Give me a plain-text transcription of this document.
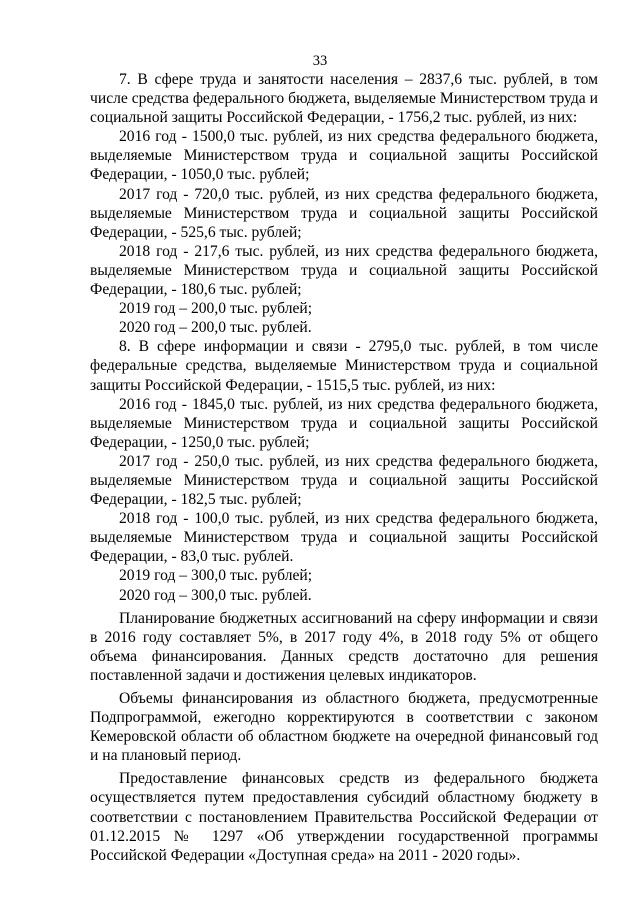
33

7. В сфере труда и занятости населения – 2837,6 тыс. рублей, в том числе средства федерального бюджета, выделяемые Министерством труда и социальной защиты Российской Федерации, - 1756,2 тыс. рублей, из них:

2016 год - 1500,0 тыс. рублей, из них средства федерального бюджета, выделяемые Министерством труда и социальной защиты Российской Федерации, - 1050,0 тыс. рублей;

2017 год - 720,0 тыс. рублей, из них средства федерального бюджета, выделяемые Министерством труда и социальной защиты Российской Федерации, - 525,6 тыс. рублей;

2018 год - 217,6 тыс. рублей, из них средства федерального бюджета, выделяемые Министерством труда и социальной защиты Российской Федерации, - 180,6 тыс. рублей;

2019 год – 200,0 тыс. рублей;

2020 год – 200,0 тыс. рублей.

8. В сфере информации и связи - 2795,0 тыс. рублей, в том числе федеральные средства, выделяемые Министерством труда и социальной защиты Российской Федерации, - 1515,5 тыс. рублей, из них:

2016 год - 1845,0 тыс. рублей, из них средства федерального бюджета, выделяемые Министерством труда и социальной защиты Российской Федерации, - 1250,0 тыс. рублей;

2017 год - 250,0 тыс. рублей, из них средства федерального бюджета, выделяемые Министерством труда и социальной защиты Российской Федерации, - 182,5 тыс. рублей;

2018 год - 100,0 тыс. рублей, из них средства федерального бюджета, выделяемые Министерством труда и социальной защиты Российской Федерации, - 83,0 тыс. рублей.

2019 год – 300,0 тыс. рублей;

2020 год – 300,0 тыс. рублей.

Планирование бюджетных ассигнований на сферу информации и связи в 2016 году составляет 5%, в 2017 году 4%, в 2018 году 5% от общего объема финансирования. Данных средств достаточно для решения поставленной задачи и достижения целевых индикаторов.

Объемы финансирования из областного бюджета, предусмотренные Подпрограммой, ежегодно корректируются в соответствии с законом Кемеровской области об областном бюджете на очередной финансовый год и на плановый период.

Предоставление финансовых средств из федерального бюджета осуществляется путем предоставления субсидий областному бюджету в соответствии с постановлением Правительства Российской Федерации от 01.12.2015 № 1297 «Об утверждении государственной программы Российской Федерации «Доступная среда» на 2011 - 2020 годы».
